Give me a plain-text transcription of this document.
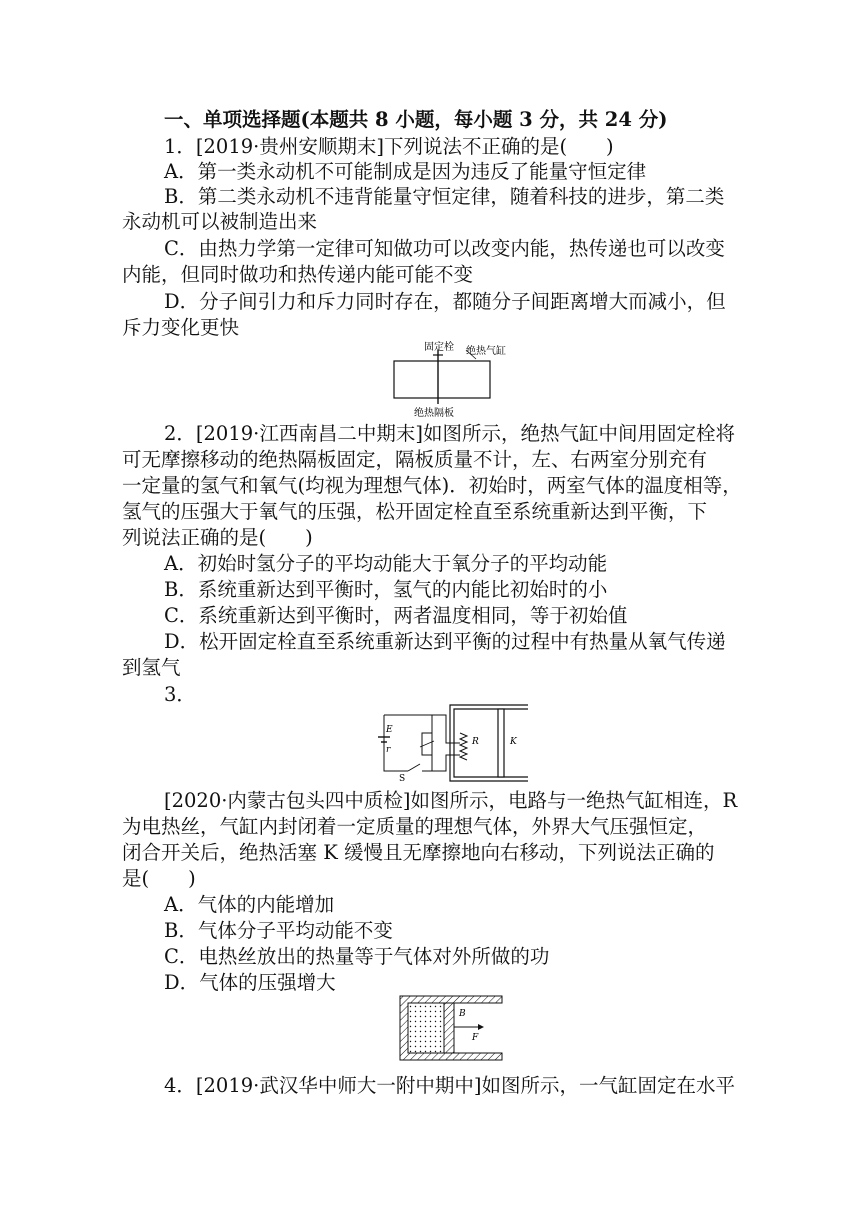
一、单项选择题(本题共 8 小题，每小题 3 分，共 24 分)
1．[2019·贵州安顺期末]下列说法不正确的是(　　)
A．第一类永动机不可能制成是因为违反了能量守恒定律
B．第二类永动机不违背能量守恒定律，随着科技的进步，第二类
永动机可以被制造出来
C．由热力学第一定律可知做功可以改变内能，热传递也可以改变
内能，但同时做功和热传递内能可能不变
D．分子间引力和斥力同时存在，都随分子间距离增大而减小，但
斥力变化更快
固定栓 绝热气缸
绝热隔板
2．[2019·江西南昌二中期末]如图所示，绝热气缸中间用固定栓将
可无摩擦移动的绝热隔板固定，隔板质量不计，左、右两室分别充有
一定量的氢气和氧气(均视为理想气体)．初始时，两室气体的温度相等，
氢气的压强大于氧气的压强，松开固定栓直至系统重新达到平衡，下
列说法正确的是(　　)
A．初始时氢分子的平均动能大于氧分子的平均动能
B．系统重新达到平衡时，氢气的内能比初始时的小
C．系统重新达到平衡时，两者温度相同，等于初始值
D．松开固定栓直至系统重新达到平衡的过程中有热量从氧气传递
到氢气
3．
E
r
S
R	K
[2020·内蒙古包头四中质检]如图所示，电路与一绝热气缸相连，R
为电热丝，气缸内封闭着一定质量的理想气体，外界大气压强恒定，
闭合开关后，绝热活塞 K 缓慢且无摩擦地向右移动，下列说法正确的
是(　　)
A．气体的内能增加
B．气体分子平均动能不变
C．电热丝放出的热量等于气体对外所做的功
D．气体的压强增大
B
F
4．[2019·武汉华中师大一附中期中]如图所示，一气缸固定在水平
